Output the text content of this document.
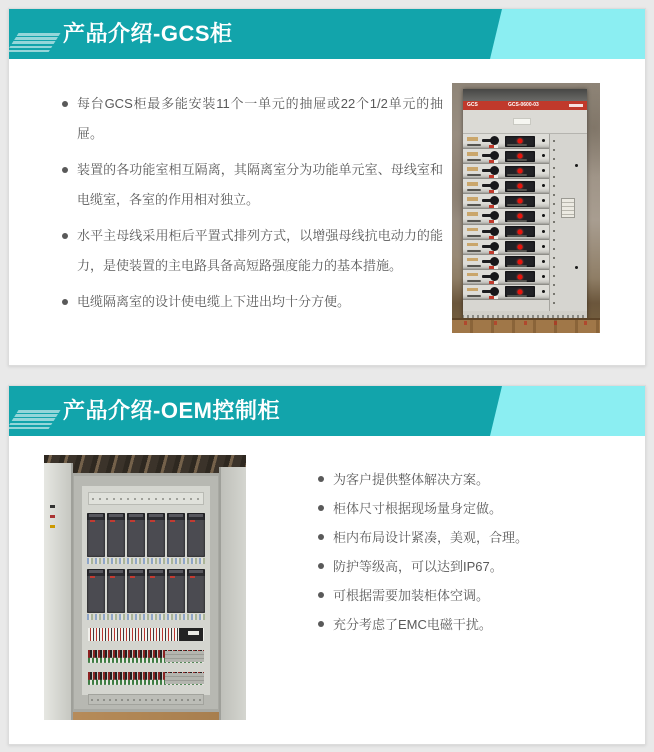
产品介绍-GCS柜
每台GCS柜最多能安装11个一单元的抽屉或22个1/2单元的抽屉。
装置的各功能室相互隔离，其隔离室分为功能单元室、母线室和电缆室，各室的作用相对独立。
水平主母线采用柜后平置式排列方式，以增强母线抗电动力的能力，是使装置的主电路具备高短路强度能力的基本措施。
电缆隔离室的设计使电缆上下进出均十分方便。
GCS	GCS-0600-03
产品介绍-OEM控制柜
为客户提供整体解决方案。
柜体尺寸根据现场量身定做。
柜内布局设计紧凑，美观，合理。
防护等级高，可以达到IP67。
可根据需要加装柜体空调。
充分考虑了EMC电磁干扰。
